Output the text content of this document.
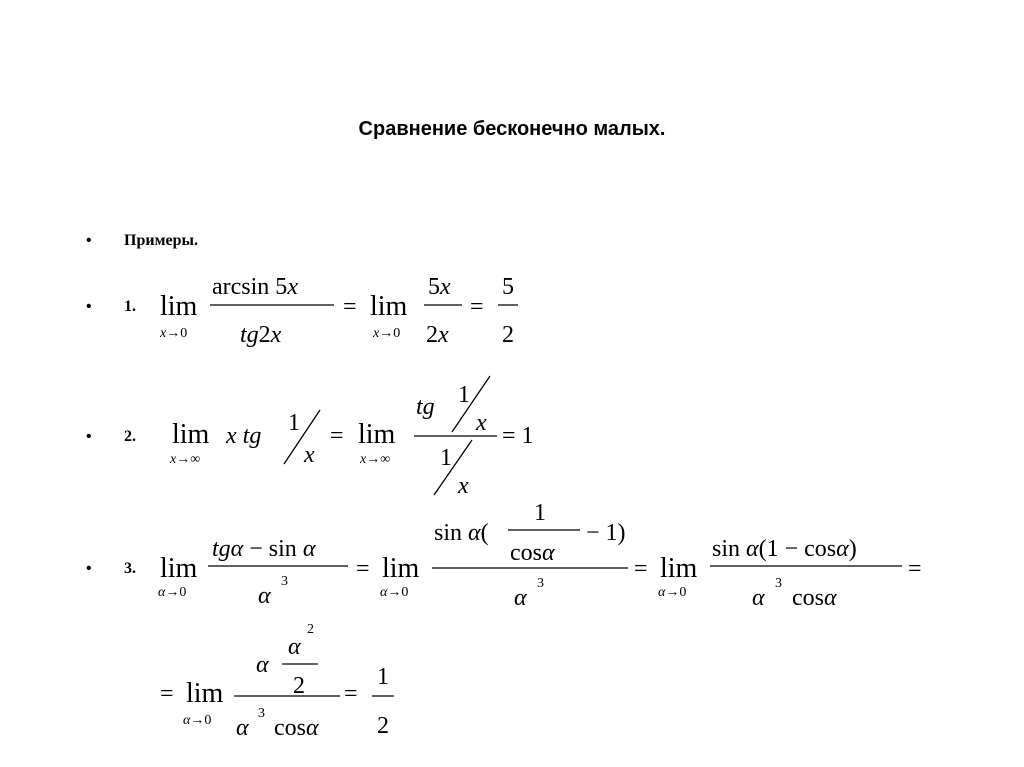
Сравнение бесконечно малых.
• Примеры.
• 1.
• 2.
• 3.
lim
x→0
arcsin 5x
tg2x
= lim
x→0
5x
2x
=
5
2
lim
x→∞
x tg 1
x
= lim
x→∞
tg 1
x
1
x
= 1
lim
α→0
tgα − sin α
α
3	= lim
α→0
sin α(
1
cosα
− 1)
α
3
= lim
α→0
sin α(1 − cosα)
α
3
cosα
=
= lim
α→0
α
α
2
2
α
3
cosα
=
1
2
